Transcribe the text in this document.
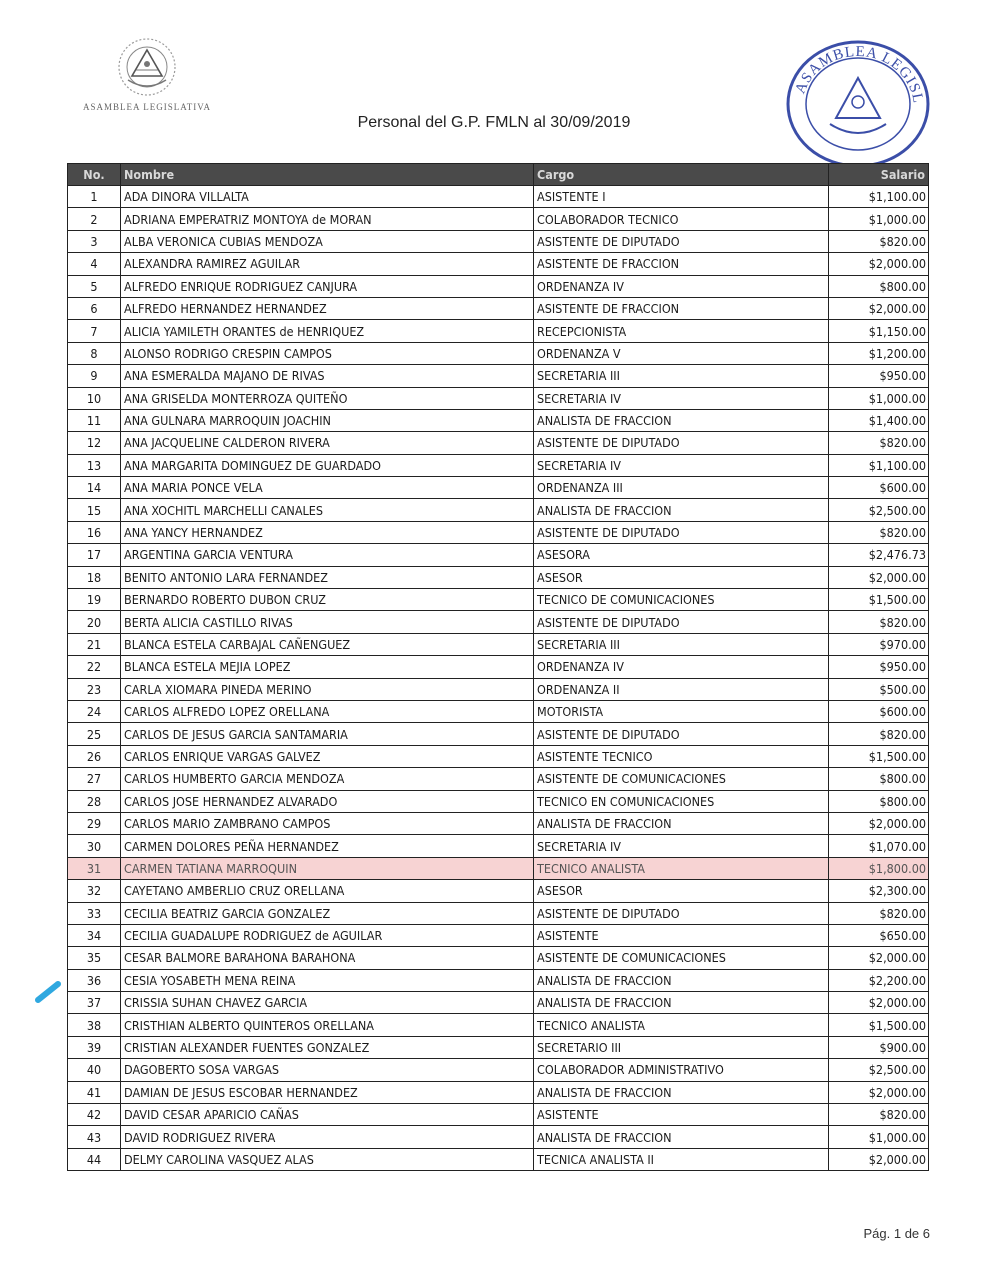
ASAMBLEA LEGISLATIVA
ASAMBLEA LEGISL
Personal del G.P. FMLN al 30/09/2019
No.	Nombre	Cargo	Salario
1	ADA DINORA VILLALTA	ASISTENTE I	$1,100.00
2	ADRIANA EMPERATRIZ MONTOYA de MORAN	COLABORADOR TECNICO	$1,000.00
3	ALBA VERONICA CUBIAS MENDOZA	ASISTENTE DE DIPUTADO	$820.00
4	ALEXANDRA RAMIREZ AGUILAR	ASISTENTE DE FRACCION	$2,000.00
5	ALFREDO ENRIQUE RODRIGUEZ CANJURA	ORDENANZA IV	$800.00
6	ALFREDO HERNANDEZ HERNANDEZ	ASISTENTE DE FRACCION	$2,000.00
7	ALICIA YAMILETH ORANTES de HENRIQUEZ	RECEPCIONISTA	$1,150.00
8	ALONSO RODRIGO CRESPIN CAMPOS	ORDENANZA V	$1,200.00
9	ANA ESMERALDA MAJANO DE RIVAS	SECRETARIA III	$950.00
10	ANA GRISELDA MONTERROZA QUITEÑO	SECRETARIA IV	$1,000.00
11	ANA GULNARA MARROQUIN JOACHIN	ANALISTA DE FRACCION	$1,400.00
12	ANA JACQUELINE CALDERON RIVERA	ASISTENTE DE DIPUTADO	$820.00
13	ANA MARGARITA DOMINGUEZ DE GUARDADO	SECRETARIA IV	$1,100.00
14	ANA MARIA PONCE VELA	ORDENANZA III	$600.00
15	ANA XOCHITL MARCHELLI CANALES	ANALISTA DE FRACCION	$2,500.00
16	ANA YANCY HERNANDEZ	ASISTENTE DE DIPUTADO	$820.00
17	ARGENTINA GARCIA VENTURA	ASESORA	$2,476.73
18	BENITO ANTONIO LARA FERNANDEZ	ASESOR	$2,000.00
19	BERNARDO ROBERTO DUBON CRUZ	TECNICO DE COMUNICACIONES	$1,500.00
20	BERTA ALICIA CASTILLO RIVAS	ASISTENTE DE DIPUTADO	$820.00
21	BLANCA ESTELA CARBAJAL CAÑENGUEZ	SECRETARIA III	$970.00
22	BLANCA ESTELA MEJIA LOPEZ	ORDENANZA IV	$950.00
23	CARLA XIOMARA PINEDA MERINO	ORDENANZA II	$500.00
24	CARLOS ALFREDO LOPEZ ORELLANA	MOTORISTA	$600.00
25	CARLOS DE JESUS GARCIA SANTAMARIA	ASISTENTE DE DIPUTADO	$820.00
26	CARLOS ENRIQUE VARGAS GALVEZ	ASISTENTE TECNICO	$1,500.00
27	CARLOS HUMBERTO GARCIA MENDOZA	ASISTENTE DE COMUNICACIONES	$800.00
28	CARLOS JOSE HERNANDEZ ALVARADO	TECNICO EN COMUNICACIONES	$800.00
29	CARLOS MARIO ZAMBRANO CAMPOS	ANALISTA DE FRACCION	$2,000.00
30	CARMEN DOLORES PEÑA HERNANDEZ	SECRETARIA IV	$1,070.00
31	CARMEN TATIANA MARROQUIN	TECNICO ANALISTA	$1,800.00
32	CAYETANO AMBERLIO CRUZ ORELLANA	ASESOR	$2,300.00
33	CECILIA BEATRIZ GARCIA GONZALEZ	ASISTENTE DE DIPUTADO	$820.00
34	CECILIA GUADALUPE RODRIGUEZ de AGUILAR	ASISTENTE	$650.00
35	CESAR BALMORE BARAHONA BARAHONA	ASISTENTE DE COMUNICACIONES	$2,000.00
36	CESIA YOSABETH MENA REINA	ANALISTA DE FRACCION	$2,200.00
37	CRISSIA SUHAN CHAVEZ GARCIA	ANALISTA DE FRACCION	$2,000.00
38	CRISTHIAN ALBERTO QUINTEROS ORELLANA	TECNICO ANALISTA	$1,500.00
39	CRISTIAN ALEXANDER FUENTES GONZALEZ	SECRETARIO III	$900.00
40	DAGOBERTO SOSA VARGAS	COLABORADOR ADMINISTRATIVO	$2,500.00
41	DAMIAN DE JESUS ESCOBAR HERNANDEZ	ANALISTA DE FRACCION	$2,000.00
42	DAVID CESAR APARICIO CAÑAS	ASISTENTE	$820.00
43	DAVID RODRIGUEZ RIVERA	ANALISTA DE FRACCION	$1,000.00
44	DELMY CAROLINA VASQUEZ ALAS	TECNICA ANALISTA II	$2,000.00
Pág. 1 de 6
